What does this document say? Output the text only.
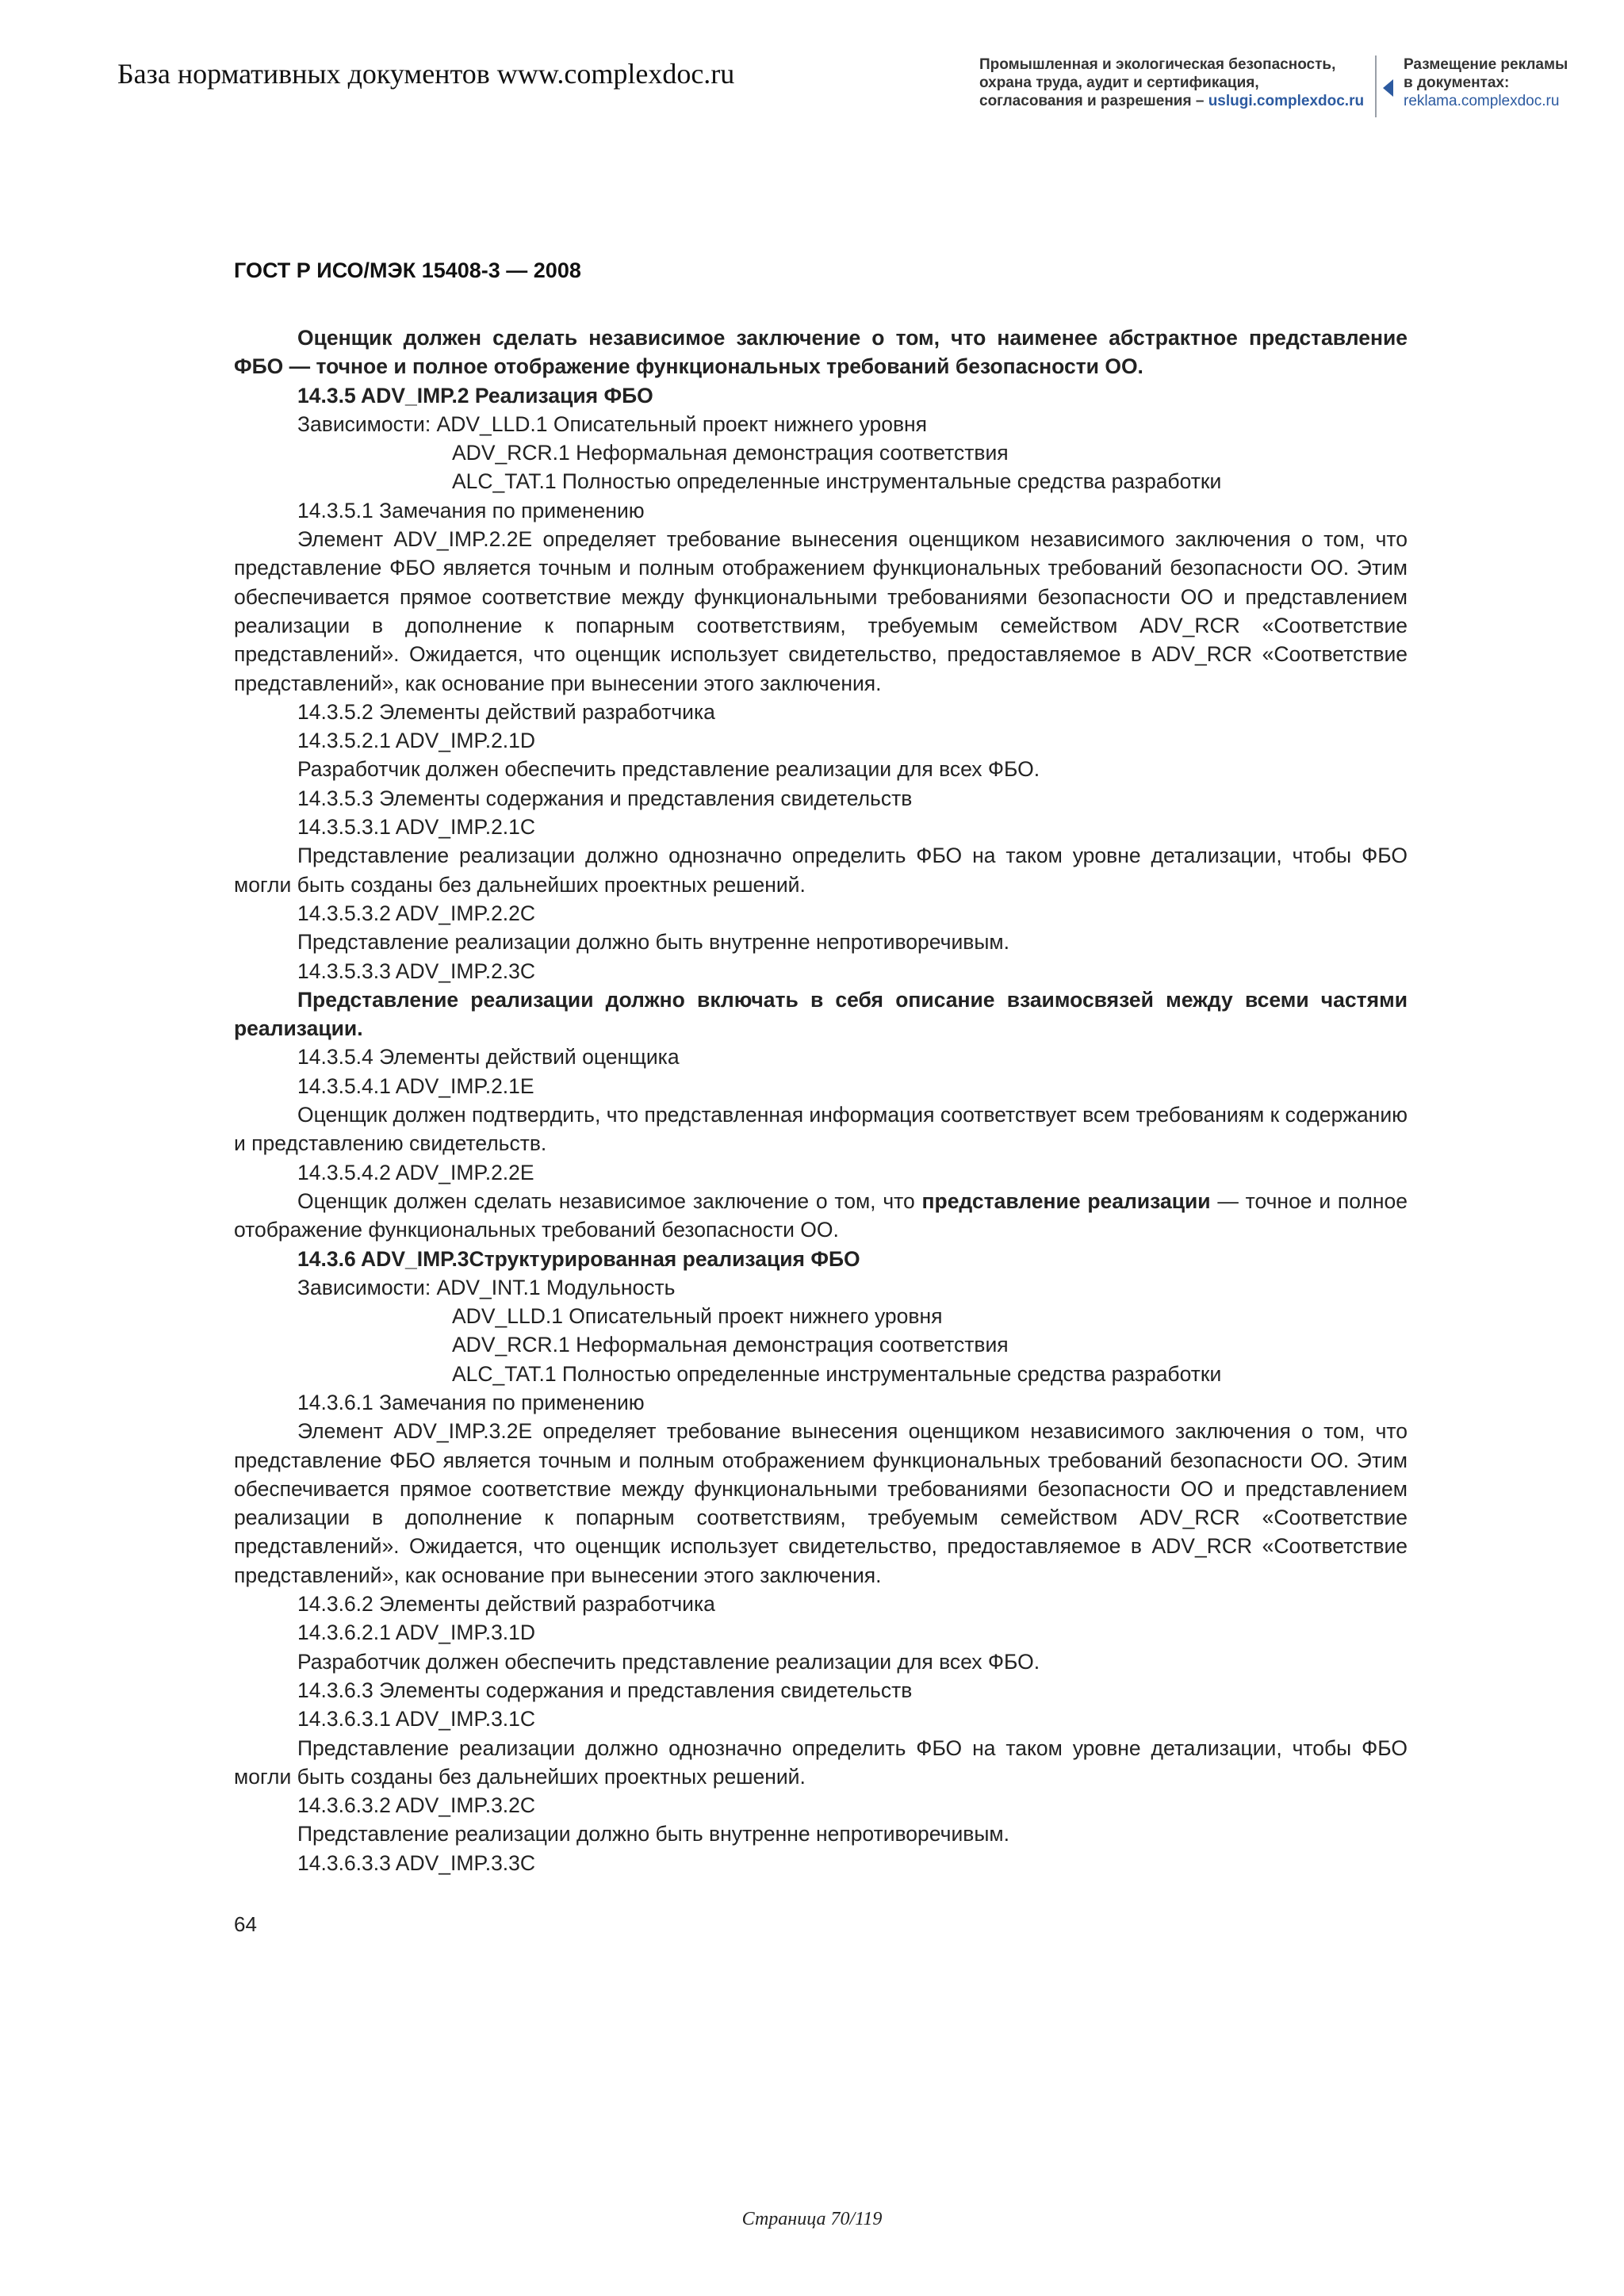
База нормативных документов www.complexdoc.ru	Промышленная и экологическая безопасность,
охрана труда, аудит и сертификация,
согласования и разрешения – uslugi.complexdoc.ru
Размещение рекламы
в документах:
reklama.complexdoc.ru
ГОСТ Р ИСО/МЭК 15408-3 — 2008

Оценщик должен сделать независимое заключение о том, что наименее абстрактное представление ФБО — точное и полное отображение функциональных требований безопасности ОО.

14.3.5 ADV_IMP.2 Реализация ФБО

Зависимости: ADV_LLD.1 Описательный проект нижнего уровня

ADV_RCR.1 Неформальная демонстрация соответствия

ALC_TAT.1 Полностью определенные инструментальные средства разработки

14.3.5.1 Замечания по применению

Элемент ADV_IMP.2.2E определяет требование вынесения оценщиком независимого заключения о том, что представление ФБО является точным и полным отображением функциональных требований безопасности ОО. Этим обеспечивается прямое соответствие между функциональными требованиями безопасности ОО и представлением реализации в дополнение к попарным соответствиям, требуемым семейством ADV_RCR «Соответствие представлений». Ожидается, что оценщик использует свидетельство, предоставляемое в ADV_RCR «Соответствие представлений», как основание при вынесении этого заключения.

14.3.5.2 Элементы действий разработчика

14.3.5.2.1 ADV_IMP.2.1D

Разработчик должен обеспечить представление реализации для всех ФБО.

14.3.5.3 Элементы содержания и представления свидетельств

14.3.5.3.1 ADV_IMP.2.1C

Представление реализации должно однозначно определить ФБО на таком уровне детализации, чтобы ФБО могли быть созданы без дальнейших проектных решений.

14.3.5.3.2 ADV_IMP.2.2C

Представление реализации должно быть внутренне непротиворечивым.

14.3.5.3.3 ADV_IMP.2.3C

Представление реализации должно включать в себя описание взаимосвязей между всеми частями реализации.

14.3.5.4 Элементы действий оценщика

14.3.5.4.1 ADV_IMP.2.1E

Оценщик должен подтвердить, что представленная информация соответствует всем требованиям к содержанию и представлению свидетельств.

14.3.5.4.2 ADV_IMP.2.2E

Оценщик должен сделать независимое заключение о том, что представление реализации — точное и полное отображение функциональных требований безопасности ОО.

14.3.6 ADV_IMP.3Структурированная реализация ФБО

Зависимости: ADV_INT.1 Модульность

ADV_LLD.1 Описательный проект нижнего уровня

ADV_RCR.1 Неформальная демонстрация соответствия

ALC_TAT.1 Полностью определенные инструментальные средства разработки

14.3.6.1 Замечания по применению

Элемент ADV_IMP.3.2E определяет требование вынесения оценщиком независимого заключения о том, что представление ФБО является точным и полным отображением функциональных требований безопасности ОО. Этим обеспечивается прямое соответствие между функциональными требованиями безопасности ОО и представлением реализации в дополнение к попарным соответствиям, требуемым семейством ADV_RCR «Соответствие представлений». Ожидается, что оценщик использует свидетельство, предоставляемое в ADV_RCR «Соответствие представлений», как основание при вынесении этого заключения.

14.3.6.2 Элементы действий разработчика

14.3.6.2.1 ADV_IMP.3.1D

Разработчик должен обеспечить представление реализации для всех ФБО.

14.3.6.3 Элементы содержания и представления свидетельств

14.3.6.3.1 ADV_IMP.3.1C

Представление реализации должно однозначно определить ФБО на таком уровне детализации, чтобы ФБО могли быть созданы без дальнейших проектных решений.

14.3.6.3.2 ADV_IMP.3.2C

Представление реализации должно быть внутренне непротиворечивым.

14.3.6.3.3 ADV_IMP.3.3C

64
Страница 70/119
